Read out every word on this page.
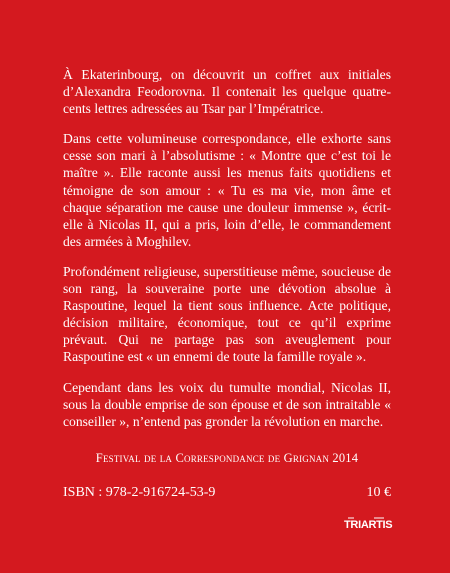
À Ekaterinbourg, on découvrit un coffret aux initiales d’Alexandra Feodorovna. Il contenait les quelque quatre-cents lettres adressées au Tsar par l’Impératrice.

Dans cette volumineuse correspondance, elle exhorte sans cesse son mari à l’absolutisme : « Montre que c’est toi le maître ». Elle raconte aussi les menus faits quotidiens et témoigne de son amour : « Tu es ma vie, mon âme et chaque séparation me cause une douleur immense », écrit-elle à Nicolas II, qui a pris, loin d’elle, le commandement des armées à Moghilev.

Profondément religieuse, superstitieuse même, soucieuse de son rang, la souveraine porte une dévotion absolue à Raspoutine, lequel la tient sous influence. Acte politique, décision militaire, économique, tout ce qu’il exprime prévaut. Qui ne partage pas son aveuglement pour Raspoutine est « un ennemi de toute la famille royale ».

Cependant dans les voix du tumulte mondial, Nicolas II, sous la double emprise de son épouse et de son intraitable « conseiller », n’entend pas gronder la révolution en marche.

Festival de la Correspondance de Grignan 2014
ISBN : 978-2-916724-53-9	10 €
TRIARTIS
